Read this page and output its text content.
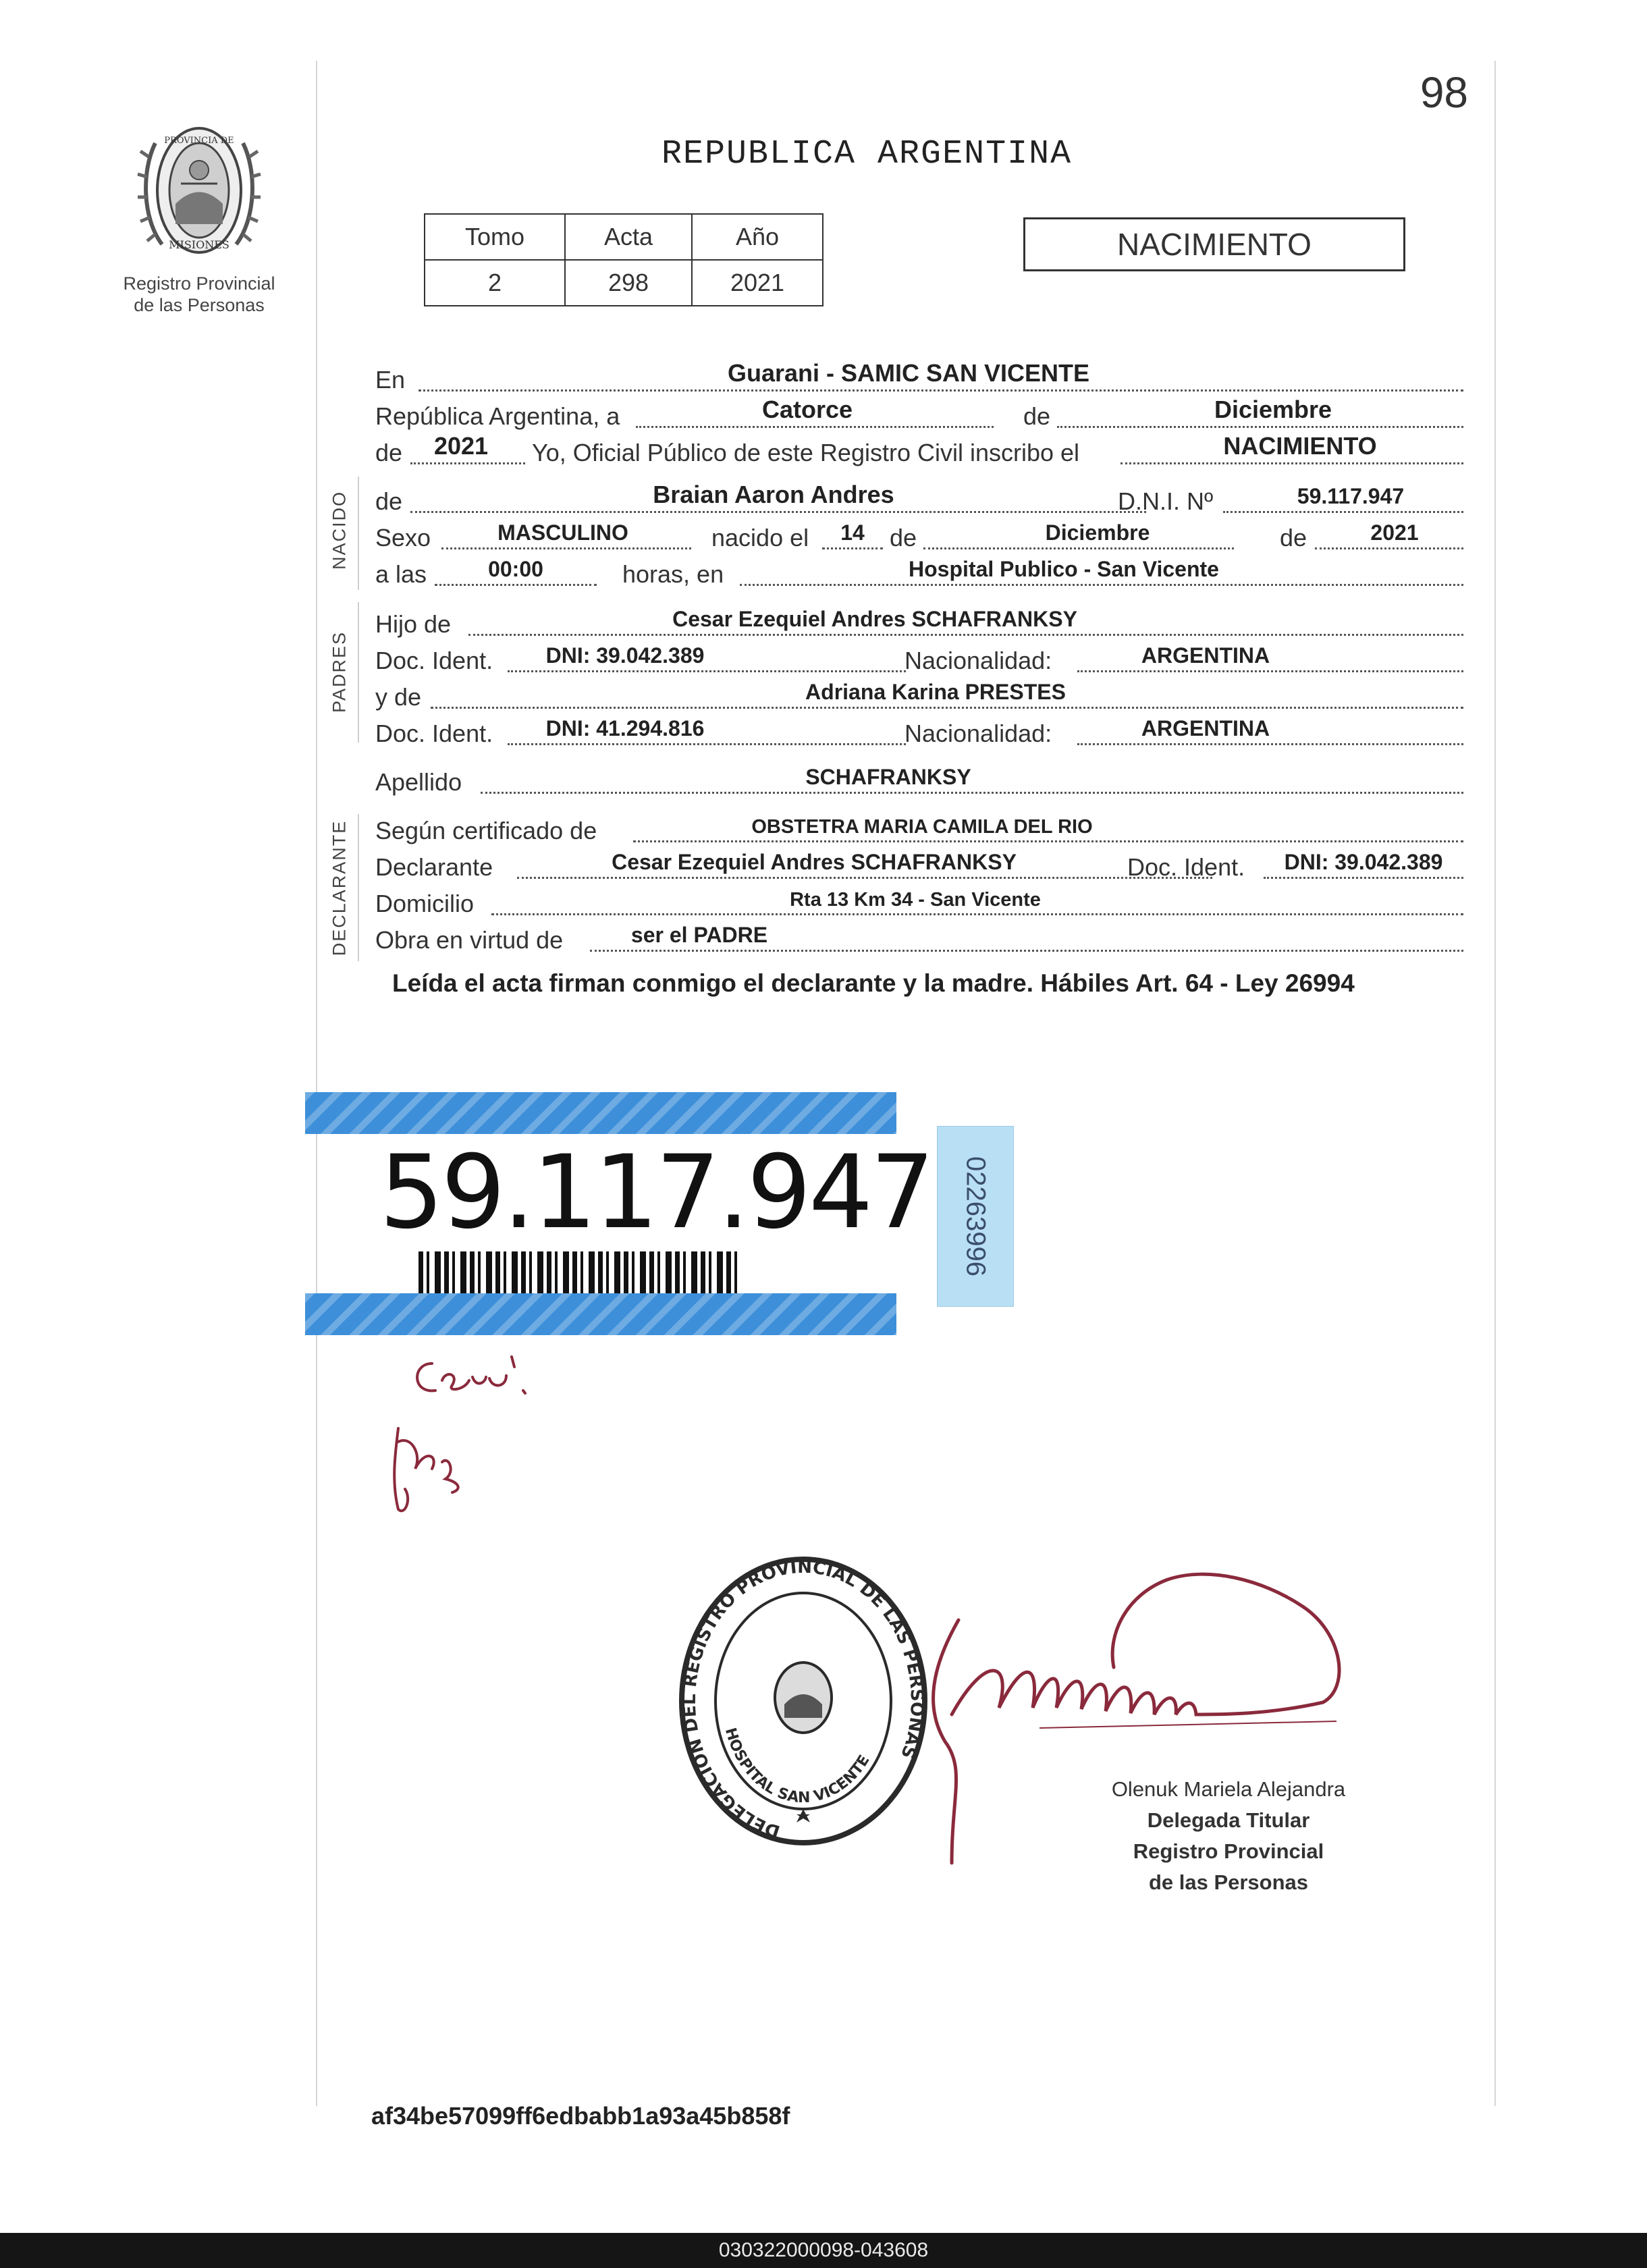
98
PROVINCIA DE
MISIONES
Registro Provincial
de las Personas
REPUBLICA ARGENTINA
Tomo	Acta	Año
2	298	2021
NACIMIENTO
NACIDO
PADRES
DECLARANTE
En	Guarani - SAMIC SAN VICENTE
República Argentina, a	Catorce	de	Diciembre
de	2021	Yo, Oficial Público de este Registro Civil inscribo el	NACIMIENTO
de	Braian Aaron Andres	D.N.I. Nº	59.117.947
Sexo	MASCULINO	nacido el	14	de	Diciembre	de	2021
a las	00:00	horas, en	Hospital Publico - San Vicente
Hijo de	Cesar Ezequiel Andres SCHAFRANKSY
Doc. Ident.	DNI: 39.042.389	Nacionalidad:	ARGENTINA
y de	Adriana Karina PRESTES
Doc. Ident.	DNI: 41.294.816	Nacionalidad:	ARGENTINA
Apellido	SCHAFRANKSY
Según certificado de	OBSTETRA MARIA CAMILA DEL RIO
Declarante	Cesar Ezequiel Andres SCHAFRANKSY	Doc. Ident.	DNI: 39.042.389
Domicilio	Rta 13 Km 34 - San Vicente
Obra en virtud de	ser el PADRE
Leída el acta firman conmigo el declarante y la madre. Hábiles Art. 64 - Ley 26994
59.117.947 02263996
DELEGACION DEL REGISTRO PROVINCIAL DE LAS PERSONAS
HOSPITAL SAN VICENTE
Olenuk Mariela Alejandra
Delegada Titular
Registro Provincial
de las Personas
af34be57099ff6edbabb1a93a45b858f
030322000098-043608
